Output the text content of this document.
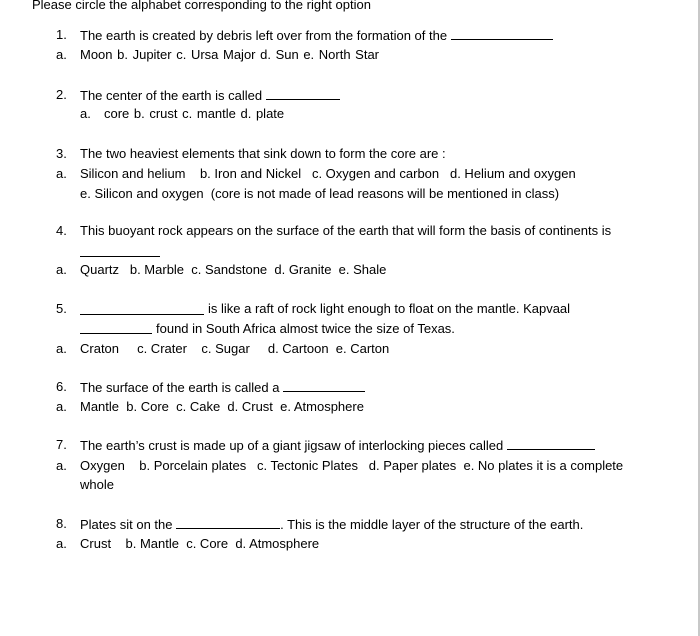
Please circle the alphabet corresponding to the right option
1. The earth is created by debris left over from the formation of the
a. Moon b. Jupiter c. Ursa Major d. Sun e. North Star
2. The center of the earth is called
a. core b. crust c. mantle d. plate
3. The two heaviest elements that sink down to form the core are :
a. Silicon and helium    b. Iron and Nickel   c. Oxygen and carbon   d. Helium and oxygen
e. Silicon and oxygen  (core is not made of lead reasons will be mentioned in class)
4. This buoyant rock appears on the surface of the earth that will form the basis of continents is
a. Quartz   b. Marble  c. Sandstone  d. Granite  e. Shale
5.	is like a raft of rock light enough to float on the mantle. Kapvaal
found in South Africa almost twice the size of Texas.
a. Craton     c. Crater    c. Sugar     d. Cartoon  e. Carton
6. The surface of the earth is called a
a. Mantle  b. Core  c. Cake  d. Crust  e. Atmosphere
7. The earth’s crust is made up of a giant jigsaw of interlocking pieces called
a. Oxygen    b. Porcelain plates   c. Tectonic Plates   d. Paper plates  e. No plates it is a complete
whole
8. Plates sit on the	. This is the middle layer of the structure of the earth.
a. Crust    b. Mantle  c. Core  d. Atmosphere
